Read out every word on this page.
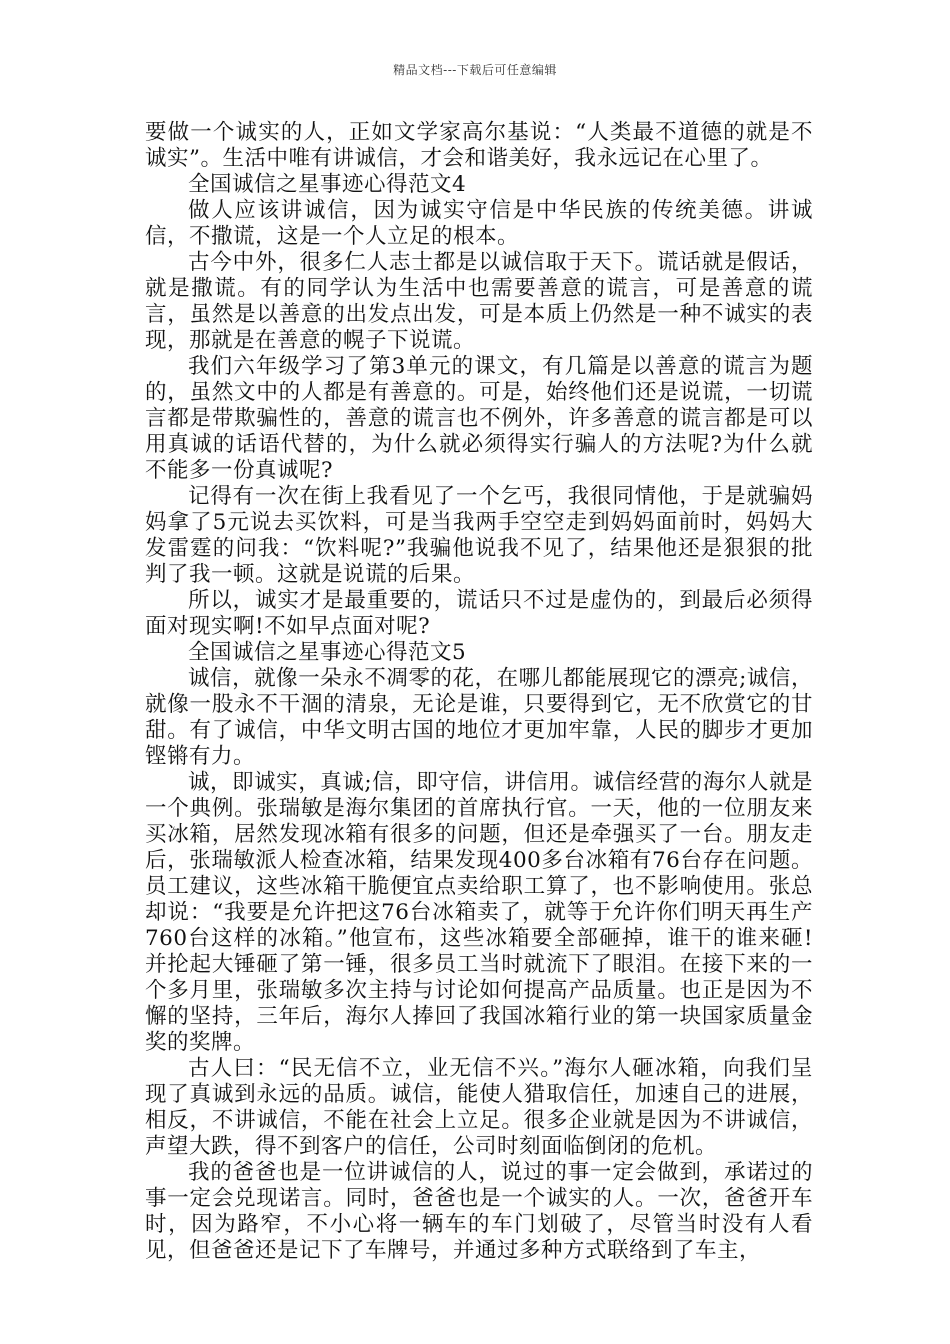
精品文档---下载后可任意编辑

要做一个诚实的人，正如文学家高尔基说：“人类最不道德的就是不诚实”。生活中唯有讲诚信，才会和谐美好，我永远记在心里了。

全国诚信之星事迹心得范文4

做人应该讲诚信，因为诚实守信是中华民族的传统美德。讲诚信，不撒谎，这是一个人立足的根本。

古今中外，很多仁人志士都是以诚信取于天下。谎话就是假话，就是撒谎。有的同学认为生活中也需要善意的谎言，可是善意的谎言，虽然是以善意的出发点出发，可是本质上仍然是一种不诚实的表现，那就是在善意的幌子下说谎。

我们六年级学习了第3单元的课文，有几篇是以善意的谎言为题的，虽然文中的人都是有善意的。可是，始终他们还是说谎，一切谎言都是带欺骗性的，善意的谎言也不例外，许多善意的谎言都是可以用真诚的话语代替的，为什么就必须得实行骗人的方法呢?为什么就不能多一份真诚呢?

记得有一次在街上我看见了一个乞丐，我很同情他，于是就骗妈妈拿了5元说去买饮料，可是当我两手空空走到妈妈面前时，妈妈大发雷霆的问我：“饮料呢?”我骗他说我不见了，结果他还是狠狠的批判了我一顿。这就是说谎的后果。

所以，诚实才是最重要的，谎话只不过是虚伪的，到最后必须得面对现实啊!不如早点面对呢?

全国诚信之星事迹心得范文5

诚信，就像一朵永不凋零的花，在哪儿都能展现它的漂亮;诚信，就像一股永不干涸的清泉，无论是谁，只要得到它，无不欣赏它的甘甜。有了诚信，中华文明古国的地位才更加牢靠，人民的脚步才更加铿锵有力。

诚，即诚实，真诚;信，即守信，讲信用。诚信经营的海尔人就是一个典例。张瑞敏是海尔集团的首席执行官。一天，他的一位朋友来买冰箱，居然发现冰箱有很多的问题，但还是牵强买了一台。朋友走后，张瑞敏派人检查冰箱，结果发现400多台冰箱有76台存在问题。员工建议，这些冰箱干脆便宜点卖给职工算了，也不影响使用。张总却说：“我要是允许把这76台冰箱卖了，就等于允许你们明天再生产760台这样的冰箱。”他宣布，这些冰箱要全部砸掉，谁干的谁来砸!并抡起大锤砸了第一锤，很多员工当时就流下了眼泪。在接下来的一个多月里，张瑞敏多次主持与讨论如何提高产品质量。也正是因为不懈的坚持，三年后，海尔人捧回了我国冰箱行业的第一块国家质量金奖的奖牌。

古人曰：“民无信不立，业无信不兴。”海尔人砸冰箱，向我们呈现了真诚到永远的品质。诚信，能使人猎取信任，加速自己的进展，相反，不讲诚信，不能在社会上立足。很多企业就是因为不讲诚信，声望大跌，得不到客户的信任，公司时刻面临倒闭的危机。

我的爸爸也是一位讲诚信的人，说过的事一定会做到，承诺过的事一定会兑现诺言。同时，爸爸也是一个诚实的人。一次，爸爸开车时，因为路窄，不小心将一辆车的车门划破了，尽管当时没有人看见，但爸爸还是记下了车牌号，并通过多种方式联络到了车主，
